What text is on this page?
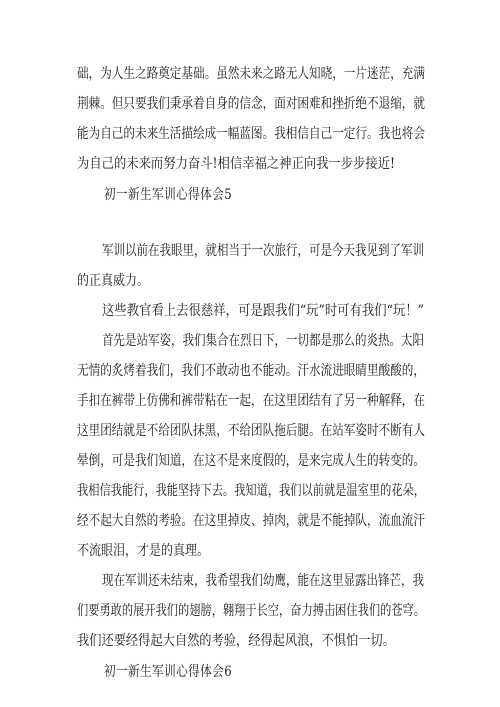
础，为人生之路奠定基础。虽然未来之路无人知晓，一片迷茫，充满
荆棘。但只要我们秉承着自身的信念，面对困难和挫折绝不退缩，就
能为自己的未来生活描绘成一幅蓝图。我相信自己一定行。我也将会
为自己的未来而努力奋斗!相信幸福之神正向我一步步接近!
初一新生军训心得体会5
军训以前在我眼里，就相当于一次旅行，可是今天我见到了军训
的正真威力。
这些教官看上去很慈祥，可是跟我们“玩”时可有我们“玩！”
首先是站军姿，我们集合在烈日下，一切都是那么的炎热。太阳
无情的炙烤着我们，我们不敢动也不能动。汗水流进眼睛里酸酸的，
手扣在裤带上仿佛和裤带粘在一起，在这里团结有了另一种解释，在
这里团结就是不给团队抹黑，不给团队拖后腿。在站军姿时不断有人
晕倒，可是我们知道，在这不是来度假的，是来完成人生的转变的。
我相信我能行，我能坚持下去。我知道，我们以前就是温室里的花朵，
经不起大自然的考验。在这里掉皮、掉肉，就是不能掉队，流血流汗
不流眼泪，才是的真理。
现在军训还未结束，我希望我们幼鹰，能在这里显露出锋芒，我
们要勇敢的展开我们的翅膀，翱翔于长空，奋力搏击困住我们的苍穹。
我们还要经得起大自然的考验，经得起风浪，不惧怕一切。
初一新生军训心得体会6
